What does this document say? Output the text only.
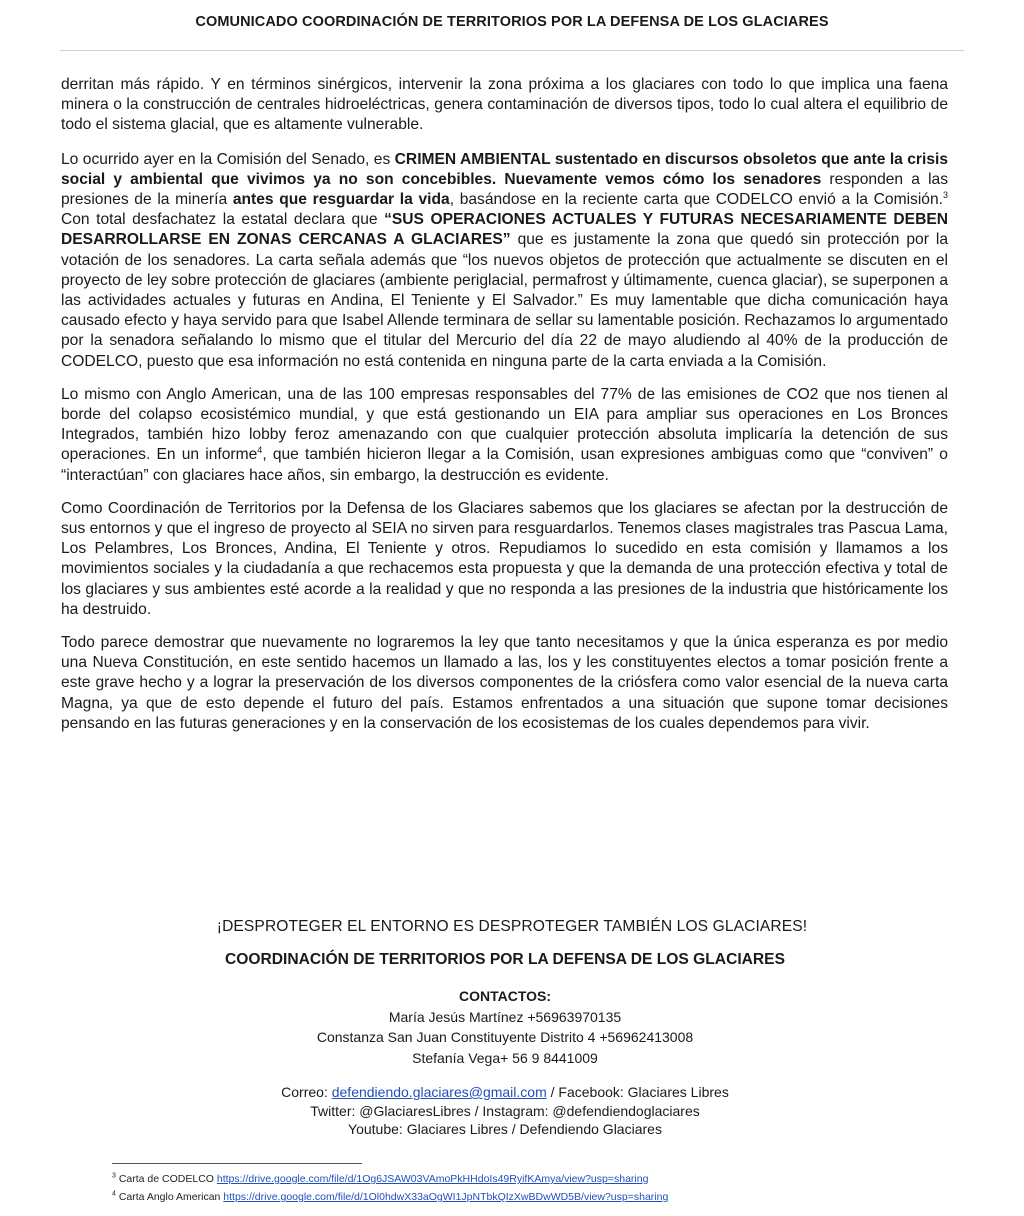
COMUNICADO COORDINACIÓN DE TERRITORIOS POR LA DEFENSA DE LOS GLACIARES

derritan más rápido. Y en términos sinérgicos, intervenir la zona próxima a los glaciares con todo lo que implica una faena minera o la construcción de centrales hidroeléctricas, genera contaminación de diversos tipos, todo lo cual altera el equilibrio de todo el sistema glacial, que es altamente vulnerable.

Lo ocurrido ayer en la Comisión del Senado, es CRIMEN AMBIENTAL sustentado en discursos obsoletos que ante la crisis social y ambiental que vivimos ya no son concebibles. Nuevamente vemos cómo los senadores responden a las presiones de la minería antes que resguardar la vida, basándose en la reciente carta que CODELCO envió a la Comisión.$^3$ Con total desfachatez la estatal declara que “SUS OPERACIONES ACTUALES Y FUTURAS NECESARIAMENTE DEBEN DESARROLLARSE EN ZONAS CERCANAS A GLACIARES” que es justamente la zona que quedó sin protección por la votación de los senadores. La carta señala además que “los nuevos objetos de protección que actualmente se discuten en el proyecto de ley sobre protección de glaciares (ambiente periglacial, permafrost y últimamente, cuenca glaciar), se superponen a las actividades actuales y futuras en Andina, El Teniente y El Salvador.” Es muy lamentable que dicha comunicación haya causado efecto y haya servido para que Isabel Allende terminara de sellar su lamentable posición. Rechazamos lo argumentado por la senadora señalando lo mismo que el titular del Mercurio del día 22 de mayo aludiendo al 40% de la producción de CODELCO, puesto que esa información no está contenida en ninguna parte de la carta enviada a la Comisión.

Lo mismo con Anglo American, una de las 100 empresas responsables del 77% de las emisiones de CO2 que nos tienen al borde del colapso ecosistémico mundial, y que está gestionando un EIA para ampliar sus operaciones en Los Bronces Integrados, también hizo lobby feroz amenazando con que cualquier protección absoluta implicaría la detención de sus operaciones. En un informe$^4$, que también hicieron llegar a la Comisión, usan expresiones ambiguas como que “conviven” o “interactúan” con glaciares hace años, sin embargo, la destrucción es evidente.

Como Coordinación de Territorios por la Defensa de los Glaciares sabemos que los glaciares se afectan por la destrucción de sus entornos y que el ingreso de proyecto al SEIA no sirven para resguardarlos. Tenemos clases magistrales tras Pascua Lama, Los Pelambres, Los Bronces, Andina, El Teniente y otros. Repudiamos lo sucedido en esta comisión y llamamos a los movimientos sociales y la ciudadanía a que rechacemos esta propuesta y que la demanda de una protección efectiva y total de los glaciares y sus ambientes esté acorde a la realidad y que no responda a las presiones de la industria que históricamente los ha destruido.

Todo parece demostrar que nuevamente no lograremos la ley que tanto necesitamos y que la única esperanza es por medio una Nueva Constitución, en este sentido hacemos un llamado a las, los y les constituyentes electos a tomar posición frente a este grave hecho y a lograr la preservación de los diversos componentes de la criósfera como valor esencial de la nueva carta Magna, ya que de esto depende el futuro del país. Estamos enfrentados a una situación que supone tomar decisiones pensando en las futuras generaciones y en la conservación de los ecosistemas de los cuales dependemos para vivir.

¡DESPROTEGER EL ENTORNO ES DESPROTEGER TAMBIÉN LOS GLACIARES!
COORDINACIÓN DE TERRITORIOS POR LA DEFENSA DE LOS GLACIARES
CONTACTOS:
María Jesús Martínez +56963970135
Constanza San Juan Constituyente Distrito 4 +56962413008
Stefanía Vega+ 56 9 8441009
Correo: defendiendo.glaciares@gmail.com / Facebook: Glaciares Libres
Twitter: @GlaciaresLibres / Instagram: @defendiendoglaciares
Youtube: Glaciares Libres / Defendiendo Glaciares
$^3$ Carta de CODELCO https://drive.google.com/file/d/1Og6JSAW03VAmoPkHHdoIs49RyifKAmya/view?usp=sharing
$^4$ Carta Anglo American https://drive.google.com/file/d/1Ol0hdwX33aOgWI1JpNTbkQIzXwBDwWD5B/view?usp=sharing
